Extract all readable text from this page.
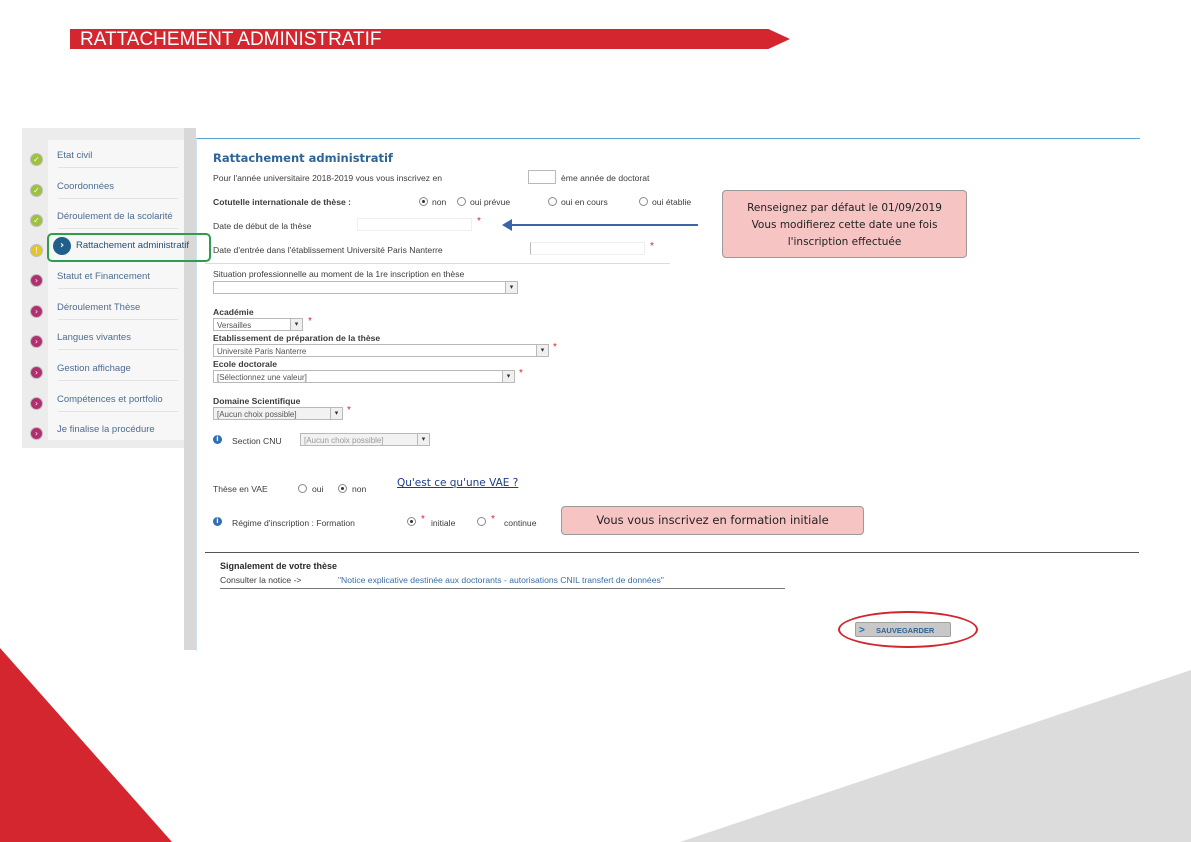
RATTACHEMENT ADMINISTRATIF
✓	Etat civil
✓	Coordonnées
✓	Déroulement de la scolarité
!
›	Statut et Financement
›	Déroulement Thèse
›	Langues vivantes
›	Gestion affichage
›	Compétences et portfolio
›	Je finalise la procédure
›	Rattachement administratif
Rattachement administratif
Pour l'année universitaire 2018-2019 vous vous inscrivez en	ème année de doctorat
Cotutelle internationale de thèse :	non	oui prévue	oui en cours	oui établie
Date de début de la thèse	*
Date d'entrée dans l'établissement Université Paris Nanterre	*
Situation professionnelle au moment de la 1re inscription en thèse
▾
Académie
Versailles	▾ *
Etablissement de préparation de la thèse
Université Paris Nanterre	▾ *
Ecole doctorale
[Sélectionnez une valeur]	▾ *
Domaine Scientifique
[Aucun choix possible]	▾ *
i	Section CNU	[Aucun choix possible]	▾
Thèse en VAE	oui	non
i	Régime d'inscription : Formation	* initiale	* continue
Signalement de votre thèse
Consulter la notice ->	"Notice explicative destinée aux doctorants - autorisations CNIL transfert de données"
> SAUVEGARDER
Renseignez par défaut le 01/09/2019
Vous modifierez cette date une fois
l'inscription effectuée
Qu'est ce qu'une VAE ?
Vous vous inscrivez en formation initiale
